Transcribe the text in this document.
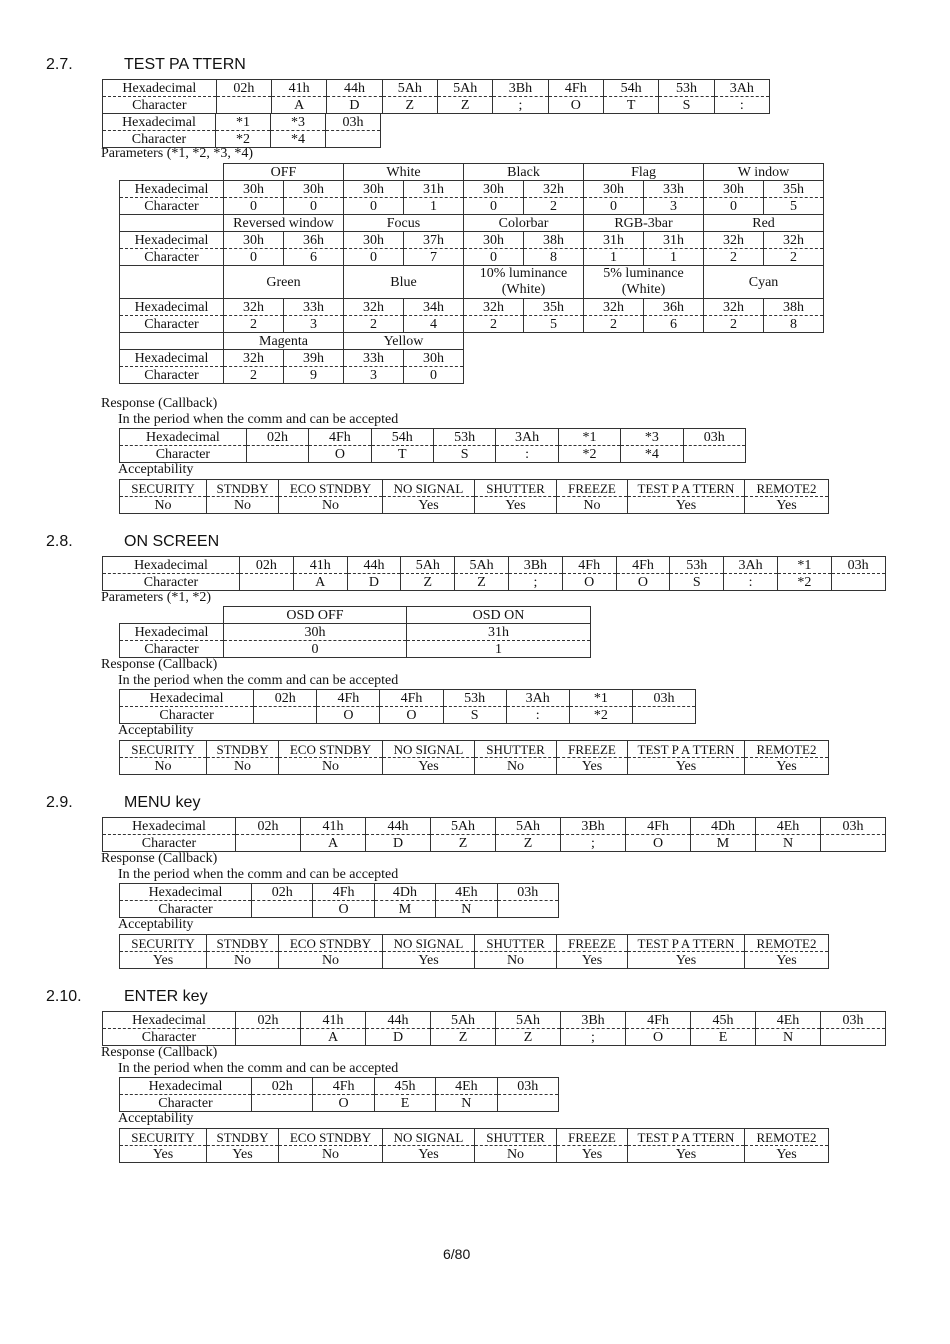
2.7.	TEST PA TTERN
Hexadecimal	02h	41h	44h	5Ah	5Ah	3Bh	4Fh	54h	53h	3Ah
Character		A	D	Z	Z	;	O	T	S	:
Hexadecimal	*1	*3	03h
Character	*2	*4	
Parameters (*1, *2, *3, *4)
	OFF		White		Black		Flag		W indow	
Hexadecimal	30h	30h	30h	31h	30h	32h	30h	33h	30h	35h
Character	0	0	0	1	0	2	0	3	0	5
	Reversed window		Focus		Colorbar		RGB-3bar		Red	
Hexadecimal	30h	36h	30h	37h	30h	38h	31h	31h	32h	32h
Character	0	6	0	7	0	8	1	1	2	2
	Green		Blue		10% luminance (White)		5% luminance (White)		Cyan	
Hexadecimal	32h	33h	32h	34h	32h	35h	32h	36h	32h	38h
Character	2	3	2	4	2	5	2	6	2	8
	Magenta		Yellow							
Hexadecimal	32h	39h	33h	30h						
Character	2	9	3	0						
Response (Callback)
In the period when the comm and can be accepted
Hexadecimal	02h	4Fh	54h	53h	3Ah	*1	*3	03h
Character		O	T	S	:	*2	*4	
Acceptability
SECURITY	STNDBY	ECO STNDBY	NO SIGNAL	SHUTTER	FREEZE	TEST P A TTERN	REMOTE2
No	No	No	Yes	Yes	No	Yes	Yes
2.8.	ON SCREEN
Hexadecimal	02h	41h	44h	5Ah	5Ah	3Bh	4Fh	4Fh	53h	3Ah	*1	03h
Character		A	D	Z	Z	;	O	O	S	:	*2	
Parameters (*1, *2)
	OSD OFF	OSD ON
Hexadecimal	30h	31h
Character	0	1
Response (Callback)
In the period when the comm and can be accepted
Hexadecimal	02h	4Fh	4Fh	53h	3Ah	*1	03h
Character		O	O	S	:	*2	
Acceptability
SECURITY	STNDBY	ECO STNDBY	NO SIGNAL	SHUTTER	FREEZE	TEST P A TTERN	REMOTE2
No	No	No	Yes	No	Yes	Yes	Yes
2.9.	MENU key
Hexadecimal	02h	41h	44h	5Ah	5Ah	3Bh	4Fh	4Dh	4Eh	03h
Character		A	D	Z	Z	;	O	M	N	
Response (Callback)
In the period when the comm and can be accepted
Hexadecimal	02h	4Fh	4Dh	4Eh	03h
Character		O	M	N	
Acceptability
SECURITY	STNDBY	ECO STNDBY	NO SIGNAL	SHUTTER	FREEZE	TEST P A TTERN	REMOTE2
Yes	No	No	Yes	No	Yes	Yes	Yes
2.10.	ENTER key
Hexadecimal	02h	41h	44h	5Ah	5Ah	3Bh	4Fh	45h	4Eh	03h
Character		A	D	Z	Z	;	O	E	N	
Response (Callback)
In the period when the comm and can be accepted
Hexadecimal	02h	4Fh	45h	4Eh	03h
Character		O	E	N	
Acceptability
SECURITY	STNDBY	ECO STNDBY	NO SIGNAL	SHUTTER	FREEZE	TEST P A TTERN	REMOTE2
Yes	Yes	No	Yes	No	Yes	Yes	Yes
6/80
